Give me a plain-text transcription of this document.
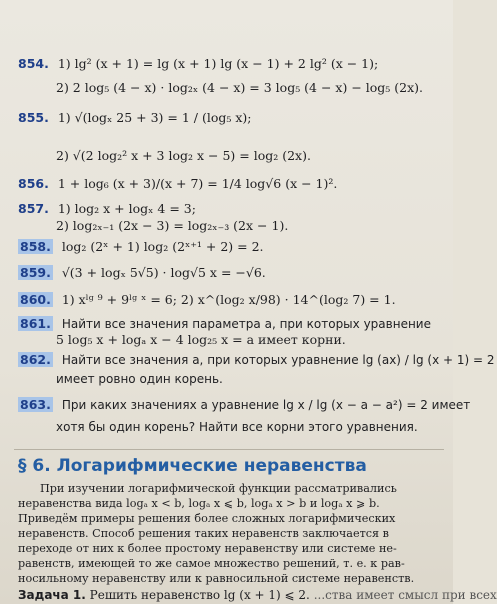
854. 1) lg² (x + 1) = lg (x + 1) lg (x − 1) + 2 lg² (x − 1);
2) 2 log₅ (4 − x) · log₂ₓ (4 − x) = 3 log₅ (4 − x) − log₅ (2x).
855. 1) √(logₓ 25 + 3) = 1 / (log₅ x);
2) √(2 log₂² x + 3 log₂ x − 5) = log₂ (2x).
856. 1 + log₆ (x + 3)/(x + 7) = 1/4 log√6 (x − 1)².
857. 1) log₂ x + logₓ 4 = 3;
2) log₂ₓ₋₁ (2x − 3) = log₂ₓ₋₃ (2x − 1).
858. log₂ (2ˣ + 1) log₂ (2ˣ⁺¹ + 2) = 2.
859. √(3 + logₓ 5√5) · log√5 x = −√6.
860. 1) xˡᵍ ⁹ + 9ˡᵍ ˣ = 6; 2) x^(log₂ x/98) · 14^(log₂ 7) = 1.
861. Найти все значения параметра a, при которых уравнение
5 log₅ x + logₐ x − 4 log₂₅ x = a имеет корни.
862. Найти все значения a, при которых уравнение lg (ax) / lg (x + 1) = 2
имеет ровно один корень.
863. При каких значениях a уравнение lg x / lg (x − a − a²) = 2 имеет
хотя бы один корень? Найти все корни этого уравнения.
§ 6. Логарифмические неравенства
При изучении логарифмической функции рассматривались
неравенства вида logₐ x < b, logₐ x ⩽ b, logₐ x > b и logₐ x ⩾ b.
Приведём примеры решения более сложных логарифмических
неравенств. Способ решения таких неравенств заключается в
переходе от них к более простому неравенству или системе не-
равенств, имеющей то же самое множество решений, т. е. к рав-
носильному неравенству или к равносильной системе неравенств.
Задача 1. Решить неравенство lg (x + 1) ⩽ 2. ...ства имеет смысл при всех
